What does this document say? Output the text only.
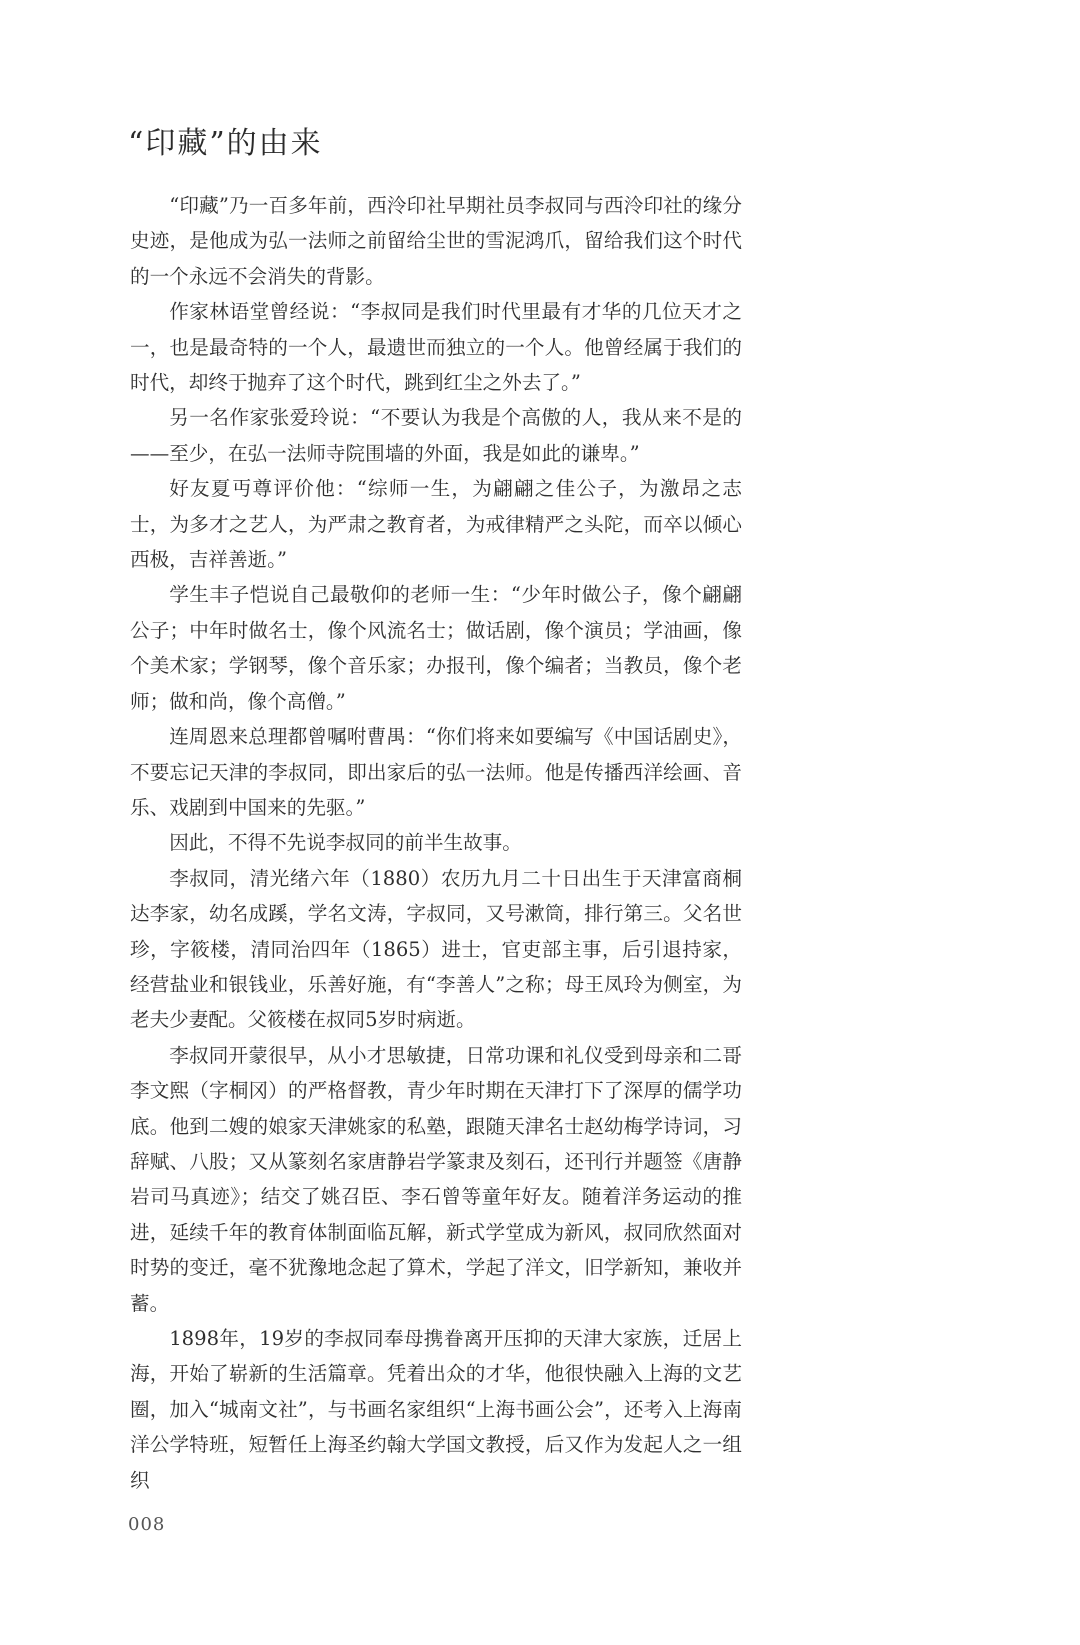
“印藏”的由来

“印藏”乃一百多年前，西泠印社早期社员李叔同与西泠印社的缘分史迹，是他成为弘一法师之前留给尘世的雪泥鸿爪，留给我们这个时代的一个永远不会消失的背影。

作家林语堂曾经说：“李叔同是我们时代里最有才华的几位天才之一，也是最奇特的一个人，最遗世而独立的一个人。他曾经属于我们的时代，却终于抛弃了这个时代，跳到红尘之外去了。”

另一名作家张爱玲说：“不要认为我是个高傲的人，我从来不是的——至少，在弘一法师寺院围墙的外面，我是如此的谦卑。”

好友夏丏尊评价他：“综师一生，为翩翩之佳公子，为激昂之志士，为多才之艺人，为严肃之教育者，为戒律精严之头陀，而卒以倾心西极，吉祥善逝。”

学生丰子恺说自己最敬仰的老师一生：“少年时做公子，像个翩翩公子；中年时做名士，像个风流名士；做话剧，像个演员；学油画，像个美术家；学钢琴，像个音乐家；办报刊，像个编者；当教员，像个老师；做和尚，像个高僧。”

连周恩来总理都曾嘱咐曹禺：“你们将来如要编写《中国话剧史》，不要忘记天津的李叔同，即出家后的弘一法师。他是传播西洋绘画、音乐、戏剧到中国来的先驱。”

因此，不得不先说李叔同的前半生故事。

李叔同，清光绪六年（1880）农历九月二十日出生于天津富商桐达李家，幼名成蹊，学名文涛，字叔同，又号漱筒，排行第三。父名世珍，字筱楼，清同治四年（1865）进士，官吏部主事，后引退持家，经营盐业和银钱业，乐善好施，有“李善人”之称；母王凤玲为侧室，为老夫少妻配。父筱楼在叔同5岁时病逝。

李叔同开蒙很早，从小才思敏捷，日常功课和礼仪受到母亲和二哥李文熙（字桐冈）的严格督教，青少年时期在天津打下了深厚的儒学功底。他到二嫂的娘家天津姚家的私塾，跟随天津名士赵幼梅学诗词，习辞赋、八股；又从篆刻名家唐静岩学篆隶及刻石，还刊行并题签《唐静岩司马真迹》；结交了姚召臣、李石曾等童年好友。随着洋务运动的推进，延续千年的教育体制面临瓦解，新式学堂成为新风，叔同欣然面对时势的变迁，毫不犹豫地念起了算术，学起了洋文，旧学新知，兼收并蓄。

1898年，19岁的李叔同奉母携眷离开压抑的天津大家族，迁居上海，开始了崭新的生活篇章。凭着出众的才华，他很快融入上海的文艺圈，加入“城南文社”，与书画名家组织“上海书画公会”，还考入上海南洋公学特班，短暂任上海圣约翰大学国文教授，后又作为发起人之一组织

008
